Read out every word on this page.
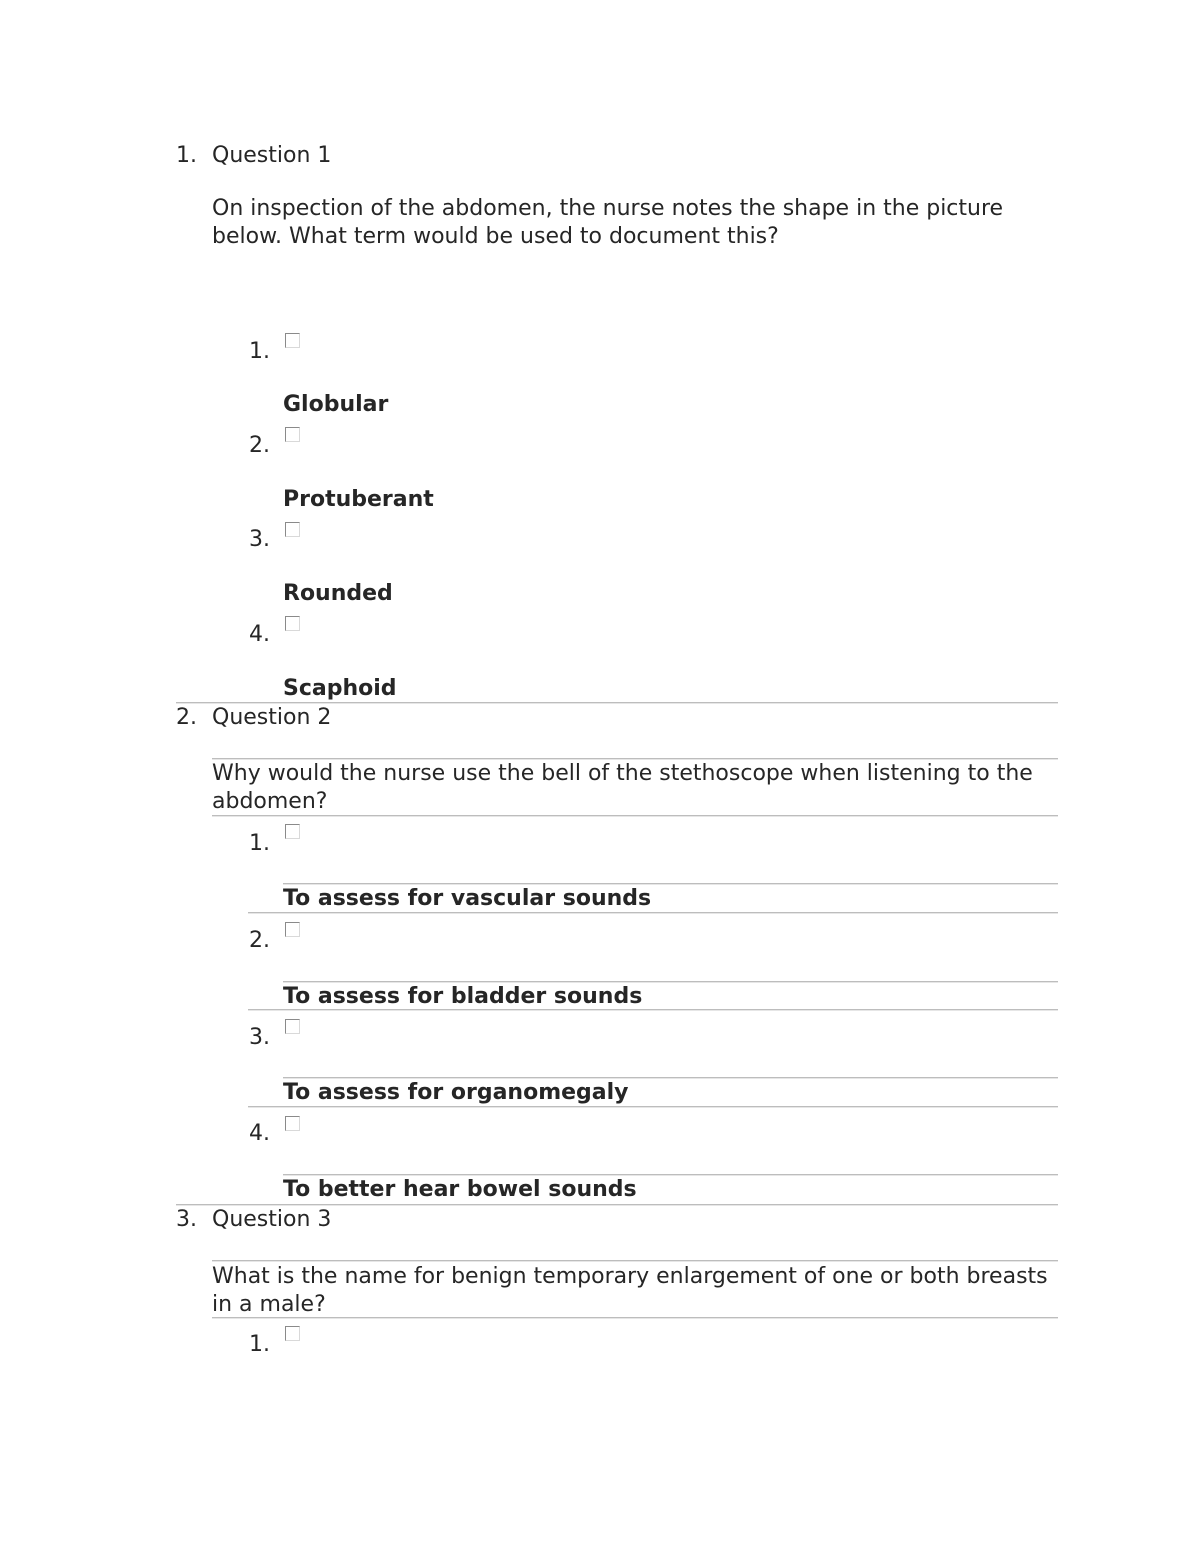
1. Question 1
On inspection of the abdomen, the nurse notes the shape in the picture below. What term would be used to document this?
1.
Globular
2.
Protuberant
3.
Rounded
4.
Scaphoid
2. Question 2
Why would the nurse use the bell of the stethoscope when listening to the abdomen?
1.
To assess for vascular sounds
2.
To assess for bladder sounds
3.
To assess for organomegaly
4.
To better hear bowel sounds
3. Question 3
What is the name for benign temporary enlargement of one or both breasts in a male?
1.
